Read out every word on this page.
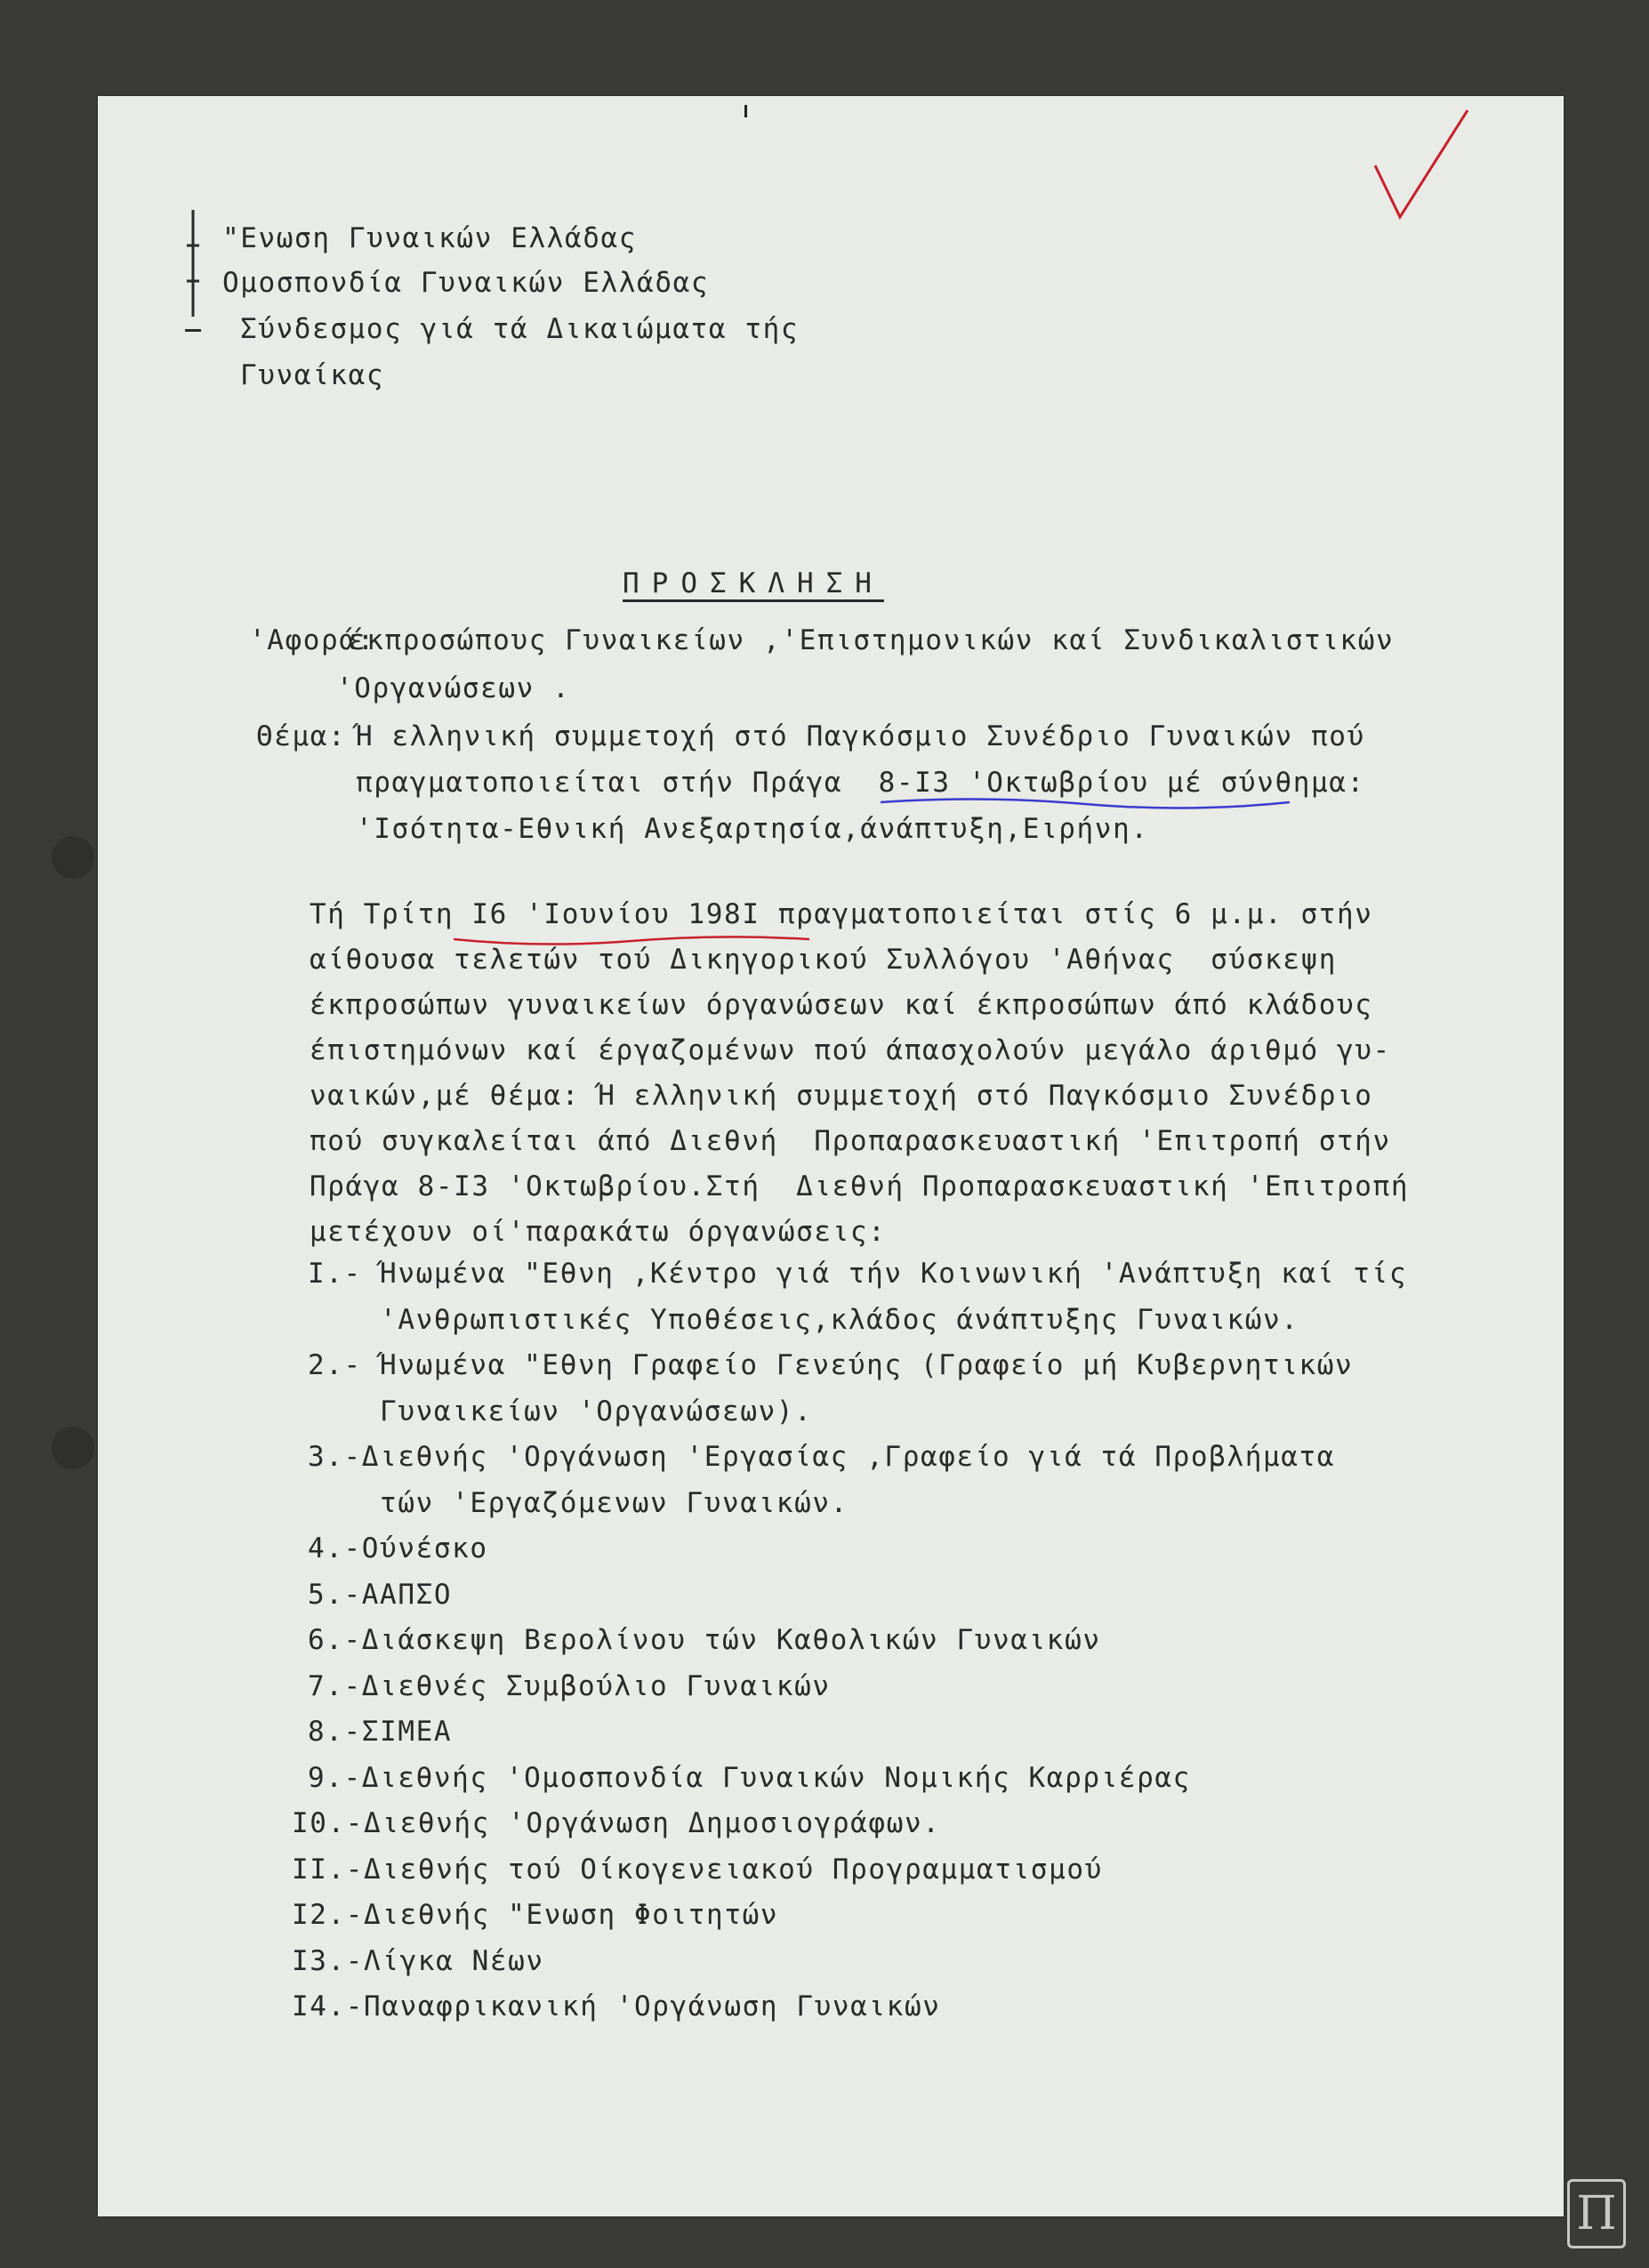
"Ενωση Γυναικών Ελλάδας
Ομοσπονδία Γυναικών Ελλάδας
Σύνδεσμος γιά τά Δικαιώματα τής
Γυναίκας
ΠΡΟΣΚΛΗΣΗ
'Αφορά:
έκπροσώπους Γυναικείων ,'Επιστημονικών καί Συνδικαλιστικών
'Οργανώσεων .
Θέμα: Ή ελληνική συμμετοχή στό Παγκόσμιο Συνέδριο Γυναικών πού
πραγματοποιείται στήν Πράγα  8-Ι3 'Οκτωβρίου μέ σύνθημα:
'Ισότητα-Εθνική Ανεξαρτησία,άνάπτυξη,Ειρήνη.
Τή Τρίτη Ι6 'Ιουνίου 198Ι πραγματοποιείται στίς 6 μ.μ. στήν
αίθουσα τελετών τού Δικηγορικού Συλλόγου 'Αθήνας  σύσκεψη
έκπροσώπων γυναικείων όργανώσεων καί έκπροσώπων άπό κλάδους
έπιστημόνων καί έργαζομένων πού άπασχολούν μεγάλο άριθμό γυ-
ναικών,μέ θέμα: Ή ελληνική συμμετοχή στό Παγκόσμιο Συνέδριο
πού συγκαλείται άπό Διεθνή  Προπαρασκευαστική 'Επιτροπή στήν
Πράγα 8-Ι3 'Οκτωβρίου.Στή  Διεθνή Προπαρασκευαστική 'Επιτροπή
μετέχουν οί'παρακάτω όργανώσεις:
Ι.- Ήνωμένα "Εθνη ,Κέντρο γιά τήν Κοινωνική 'Ανάπτυξη καί τίς
'Ανθρωπιστικές Υποθέσεις,κλάδος άνάπτυξης Γυναικών.
2.- Ήνωμένα "Εθνη Γραφείο Γενεύης (Γραφείο μή Κυβερνητικών
Γυναικείων 'Οργανώσεων).
3.-Διεθνής 'Οργάνωση 'Εργασίας ,Γραφείο γιά τά Προβλήματα
τών 'Εργαζόμενων Γυναικών.
4.-Ούνέσκο
5.-ΑΑΠΣΟ
6.-Διάσκεψη Βερολίνου τών Καθολικών Γυναικών
7.-Διεθνές Συμβούλιο Γυναικών
8.-ΣΙΜΕΑ
9.-Διεθνής 'Ομοσπονδία Γυναικών Νομικής Καρριέρας
Ι0.-Διεθνής 'Οργάνωση Δημοσιογράφων.
ΙΙ.-Διεθνής τού Οίκογενειακού Προγραμματισμού
Ι2.-Διεθνής "Ενωση Φοιτητών
Ι3.-Λίγκα Νέων
Ι4.-Παναφρικανική 'Οργάνωση Γυναικών
П
